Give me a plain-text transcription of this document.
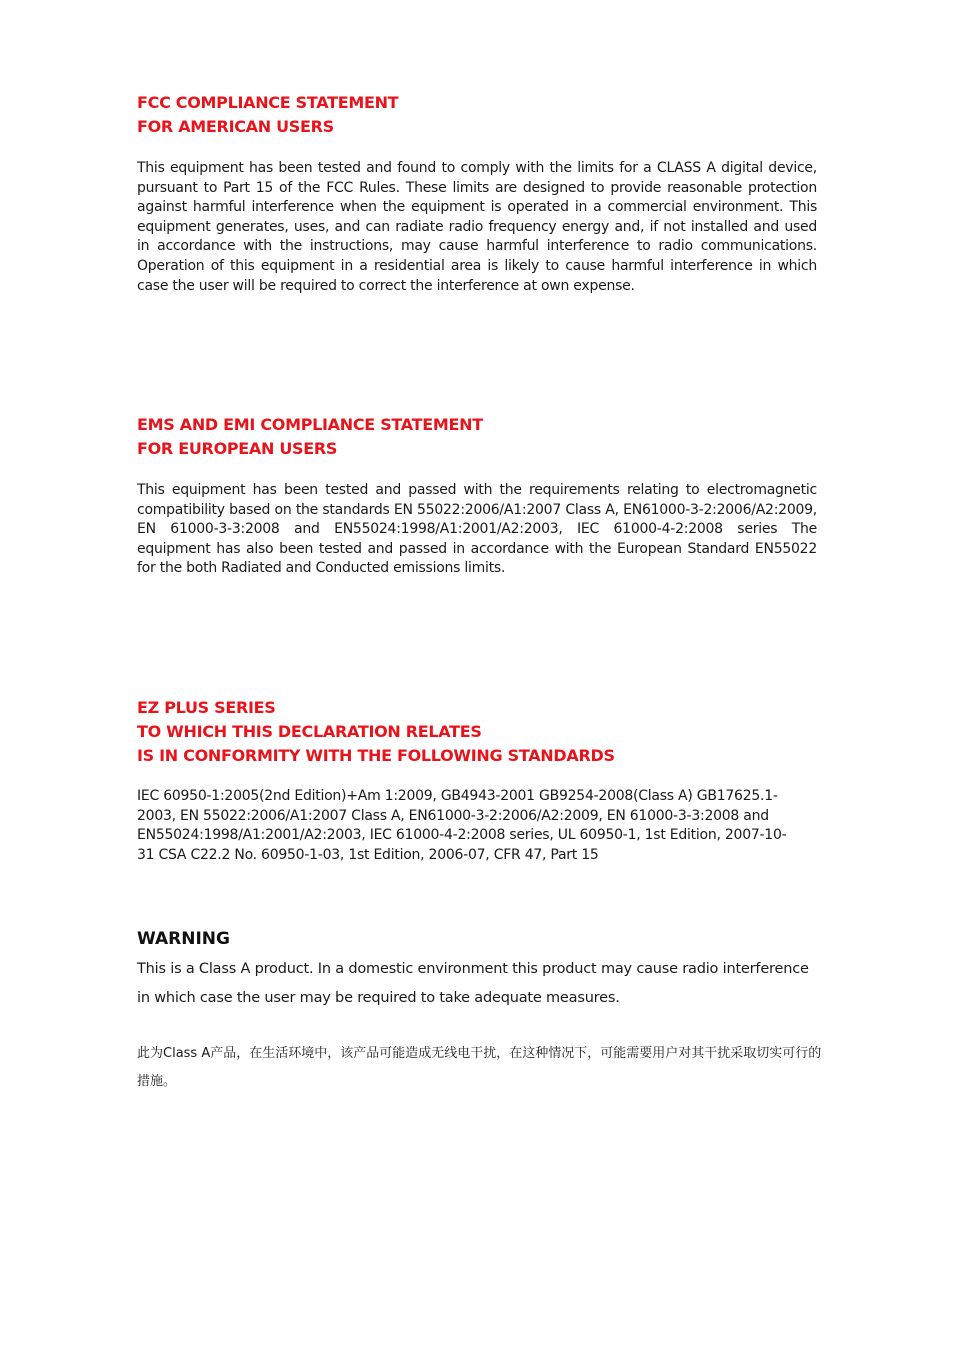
FCC COMPLIANCE STATEMENT
FOR AMERICAN USERS

This equipment has been tested and found to comply with the limits for a CLASS A digital device, pursuant to Part 15 of the FCC Rules. These limits are designed to provide reasonable protection against harmful interference when the equipment is operated in a commercial environment. This equipment generates, uses, and can radiate radio frequency energy and, if not installed and used in accordance with the instructions, may cause harmful interference to radio communications. Operation of this equipment in a residential area is likely to cause harmful interference in which case the user will be required to correct the interference at own expense.

EMS AND EMI COMPLIANCE STATEMENT
FOR EUROPEAN USERS

This equipment has been tested and passed with the requirements relating to electromagnetic compatibility based on the standards EN 55022:2006/A1:2007 Class A, EN61000-3-2:2006/A2:2009, EN 61000-3-3:2008 and EN55024:1998/A1:2001/A2:2003, IEC 61000-4-2:2008 series The equipment has also been tested and passed in accordance with the European Standard EN55022 for the both Radiated and Conducted emissions limits.

EZ PLUS SERIES
TO WHICH THIS DECLARATION RELATES
IS IN CONFORMITY WITH THE FOLLOWING STANDARDS

IEC 60950-1:2005(2nd Edition)+Am 1:2009, GB4943-2001 GB9254-2008(Class A) GB17625.1-2003, EN 55022:2006/A1:2007 Class A, EN61000-3-2:2006/A2:2009, EN 61000-3-3:2008 and EN55024:1998/A1:2001/A2:2003, IEC 61000-4-2:2008 series, UL 60950-1, 1st Edition, 2007-10-31 CSA C22.2 No. 60950-1-03, 1st Edition, 2006-07, CFR 47, Part 15

WARNING

This is a Class A product. In a domestic environment this product may cause radio interference in which case the user may be required to take adequate measures.

此为Class A产品，在生活环境中，该产品可能造成无线电干扰，在这种情况下，可能需要用户对其干扰采取切实可行的措施。
